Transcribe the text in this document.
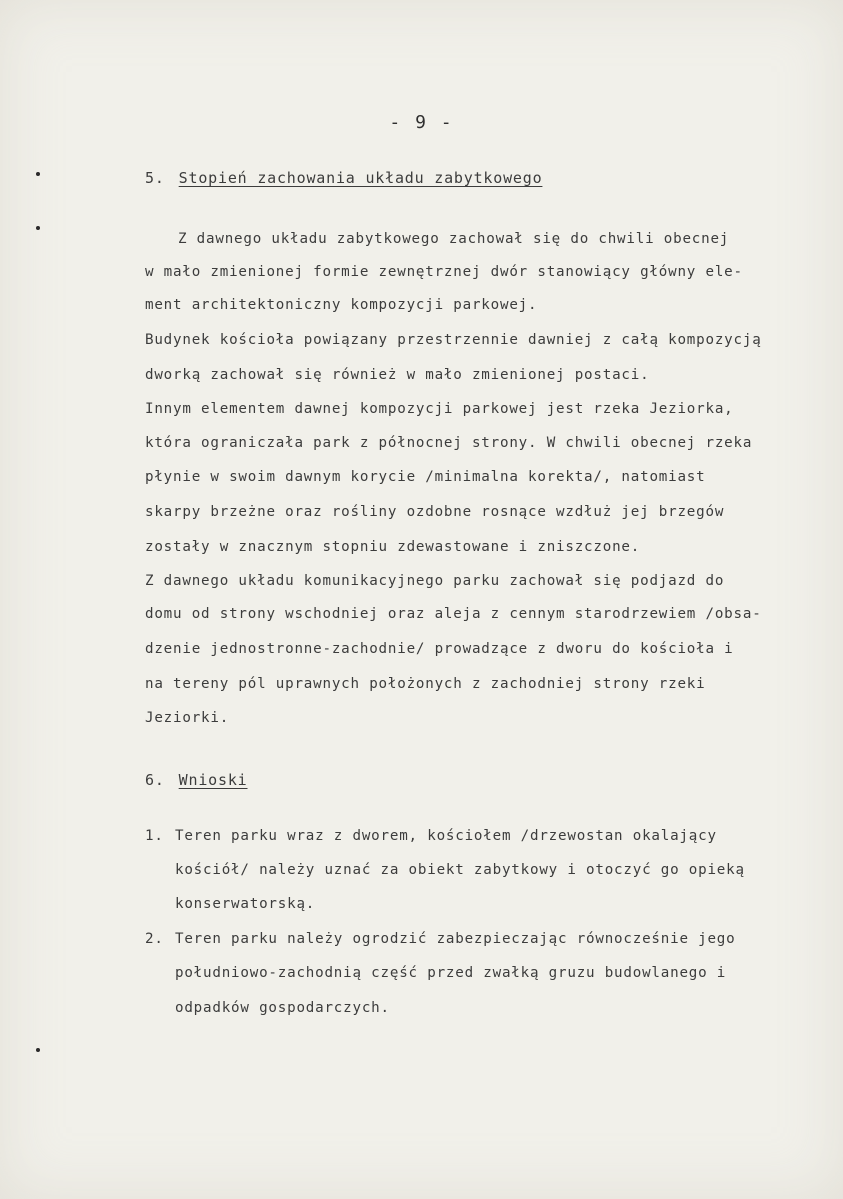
- 9 -
5. Stopień zachowania układu zabytkowego
Z dawnego układu zabytkowego zachował się do chwili obecnej
w mało zmienionej formie zewnętrznej dwór stanowiący główny ele-
ment architektoniczny kompozycji parkowej.
Budynek kościoła powiązany przestrzennie dawniej z całą kompozycją
dworką zachował się również w mało zmienionej postaci.
Innym elementem dawnej kompozycji parkowej jest rzeka Jeziorka,
która ograniczała park z północnej strony. W chwili obecnej rzeka
płynie w swoim dawnym korycie /minimalna korekta/, natomiast
skarpy brzeżne oraz rośliny ozdobne rosnące wzdłuż jej brzegów
zostały w znacznym stopniu zdewastowane i zniszczone.
Z dawnego układu komunikacyjnego parku zachował się podjazd do
domu od strony wschodniej oraz aleja z cennym starodrzewiem /obsa-
dzenie jednostronne-zachodnie/ prowadzące z dworu do kościoła i
na tereny pól uprawnych położonych z zachodniej strony rzeki
Jeziorki.
6. Wnioski
1. Teren parku wraz z dworem, kościołem /drzewostan okalający
kościół/ należy uznać za obiekt zabytkowy i otoczyć go opieką
konserwatorską.
2. Teren parku należy ogrodzić zabezpieczając równocześnie jego
południowo-zachodnią część przed zwałką gruzu budowlanego i
odpadków gospodarczych.
